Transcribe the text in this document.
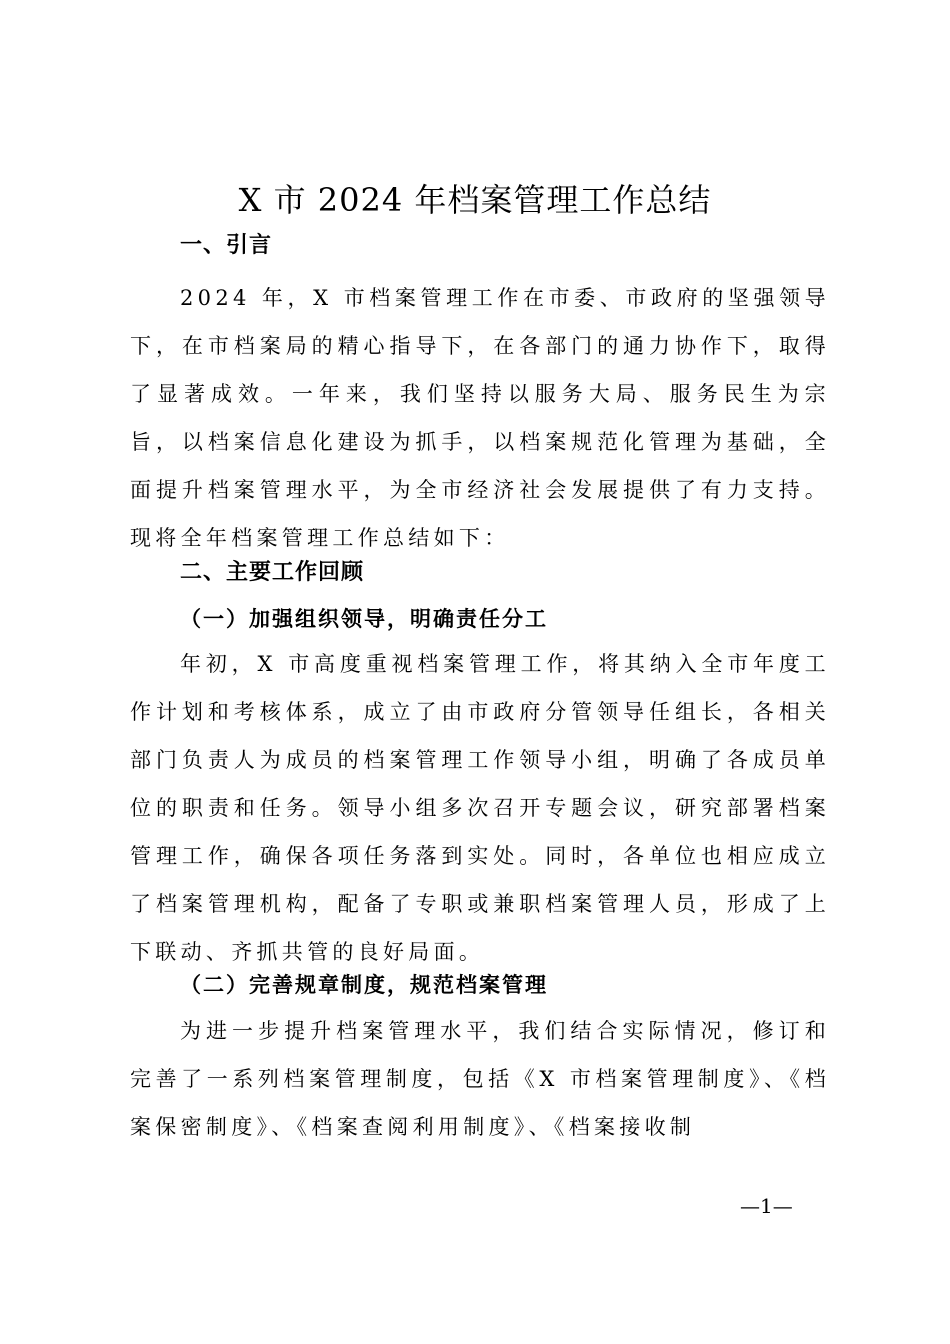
X 市 2024 年档案管理工作总结
一、引言

2024 年，X 市档案管理工作在市委、市政府的坚强领导下，在市档案局的精心指导下，在各部门的通力协作下，取得了显著成效。一年来，我们坚持以服务大局、服务民生为宗旨，以档案信息化建设为抓手，以档案规范化管理为基础，全面提升档案管理水平，为全市经济社会发展提供了有力支持。现将全年档案管理工作总结如下：

二、主要工作回顾
（一）加强组织领导，明确责任分工

年初，X 市高度重视档案管理工作，将其纳入全市年度工作计划和考核体系，成立了由市政府分管领导任组长，各相关部门负责人为成员的档案管理工作领导小组，明确了各成员单位的职责和任务。领导小组多次召开专题会议，研究部署档案管理工作，确保各项任务落到实处。同时，各单位也相应成立了档案管理机构，配备了专职或兼职档案管理人员，形成了上下联动、齐抓共管的良好局面。

（二）完善规章制度，规范档案管理

为进一步提升档案管理水平，我们结合实际情况，修订和完善了一系列档案管理制度，包括《X 市档案管理制度》、《档案保密制度》、《档案查阅利用制度》、《档案接收制

—1—
